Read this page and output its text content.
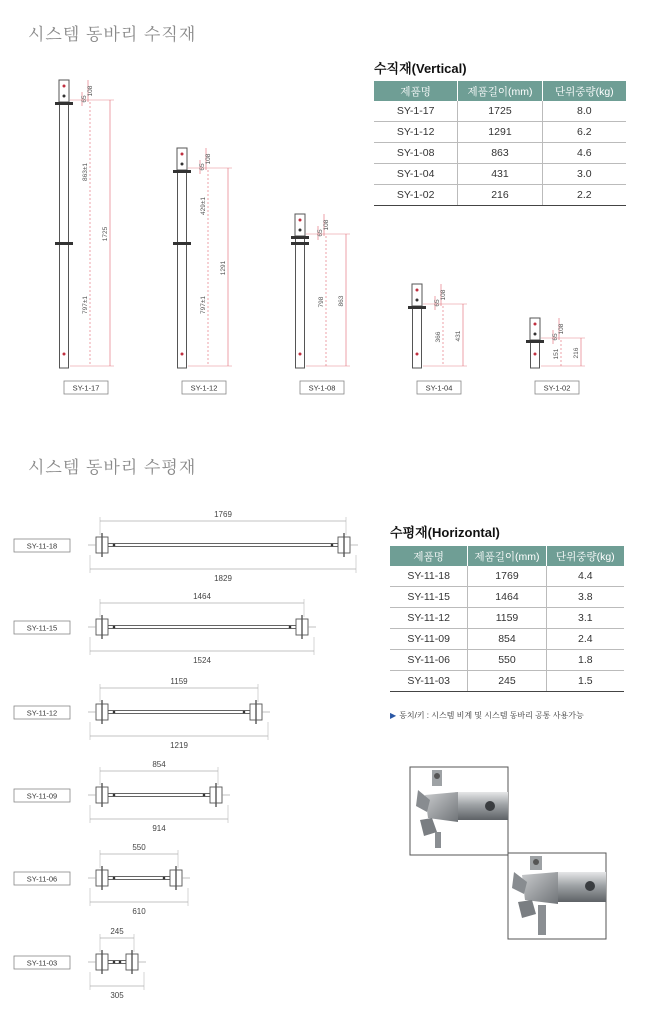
시스템 동바리 수직재
시스템 동바리 수평재
수직재(Vertical)
제품명	제품길이(mm)	단위중량(kg)
SY-1-17	1725	8.0
SY-1-12	1291	6.2
SY-1-08	863	4.6
SY-1-04	431	3.0
SY-1-02	216	2.2
수평재(Horizontal)
제품명	제품길이(mm)	단위중량(kg)
SY-11-18	1769	4.4
SY-11-15	1464	3.8
SY-11-12	1159	3.1
SY-11-09	854	2.4
SY-11-06	550	1.8
SY-11-03	245	1.5
▶ 동치/키 : 시스템 비계 및 시스템 동바리 공통 사용가능
108
65
863±1
797±1
1725
SY-1-17
108
65
429±1
797±1
1291
SY-1-12
108
65
798 863
SY-1-08
108
65
366 431
SY-1-04
108
65
151 216
SY-1-02
SY-11-18
1769
1829
SY-11-15
1464
1524
SY-11-12
1159
1219
SY-11-09
854
914
SY-11-06
550
610
SY-11-03
245
305
